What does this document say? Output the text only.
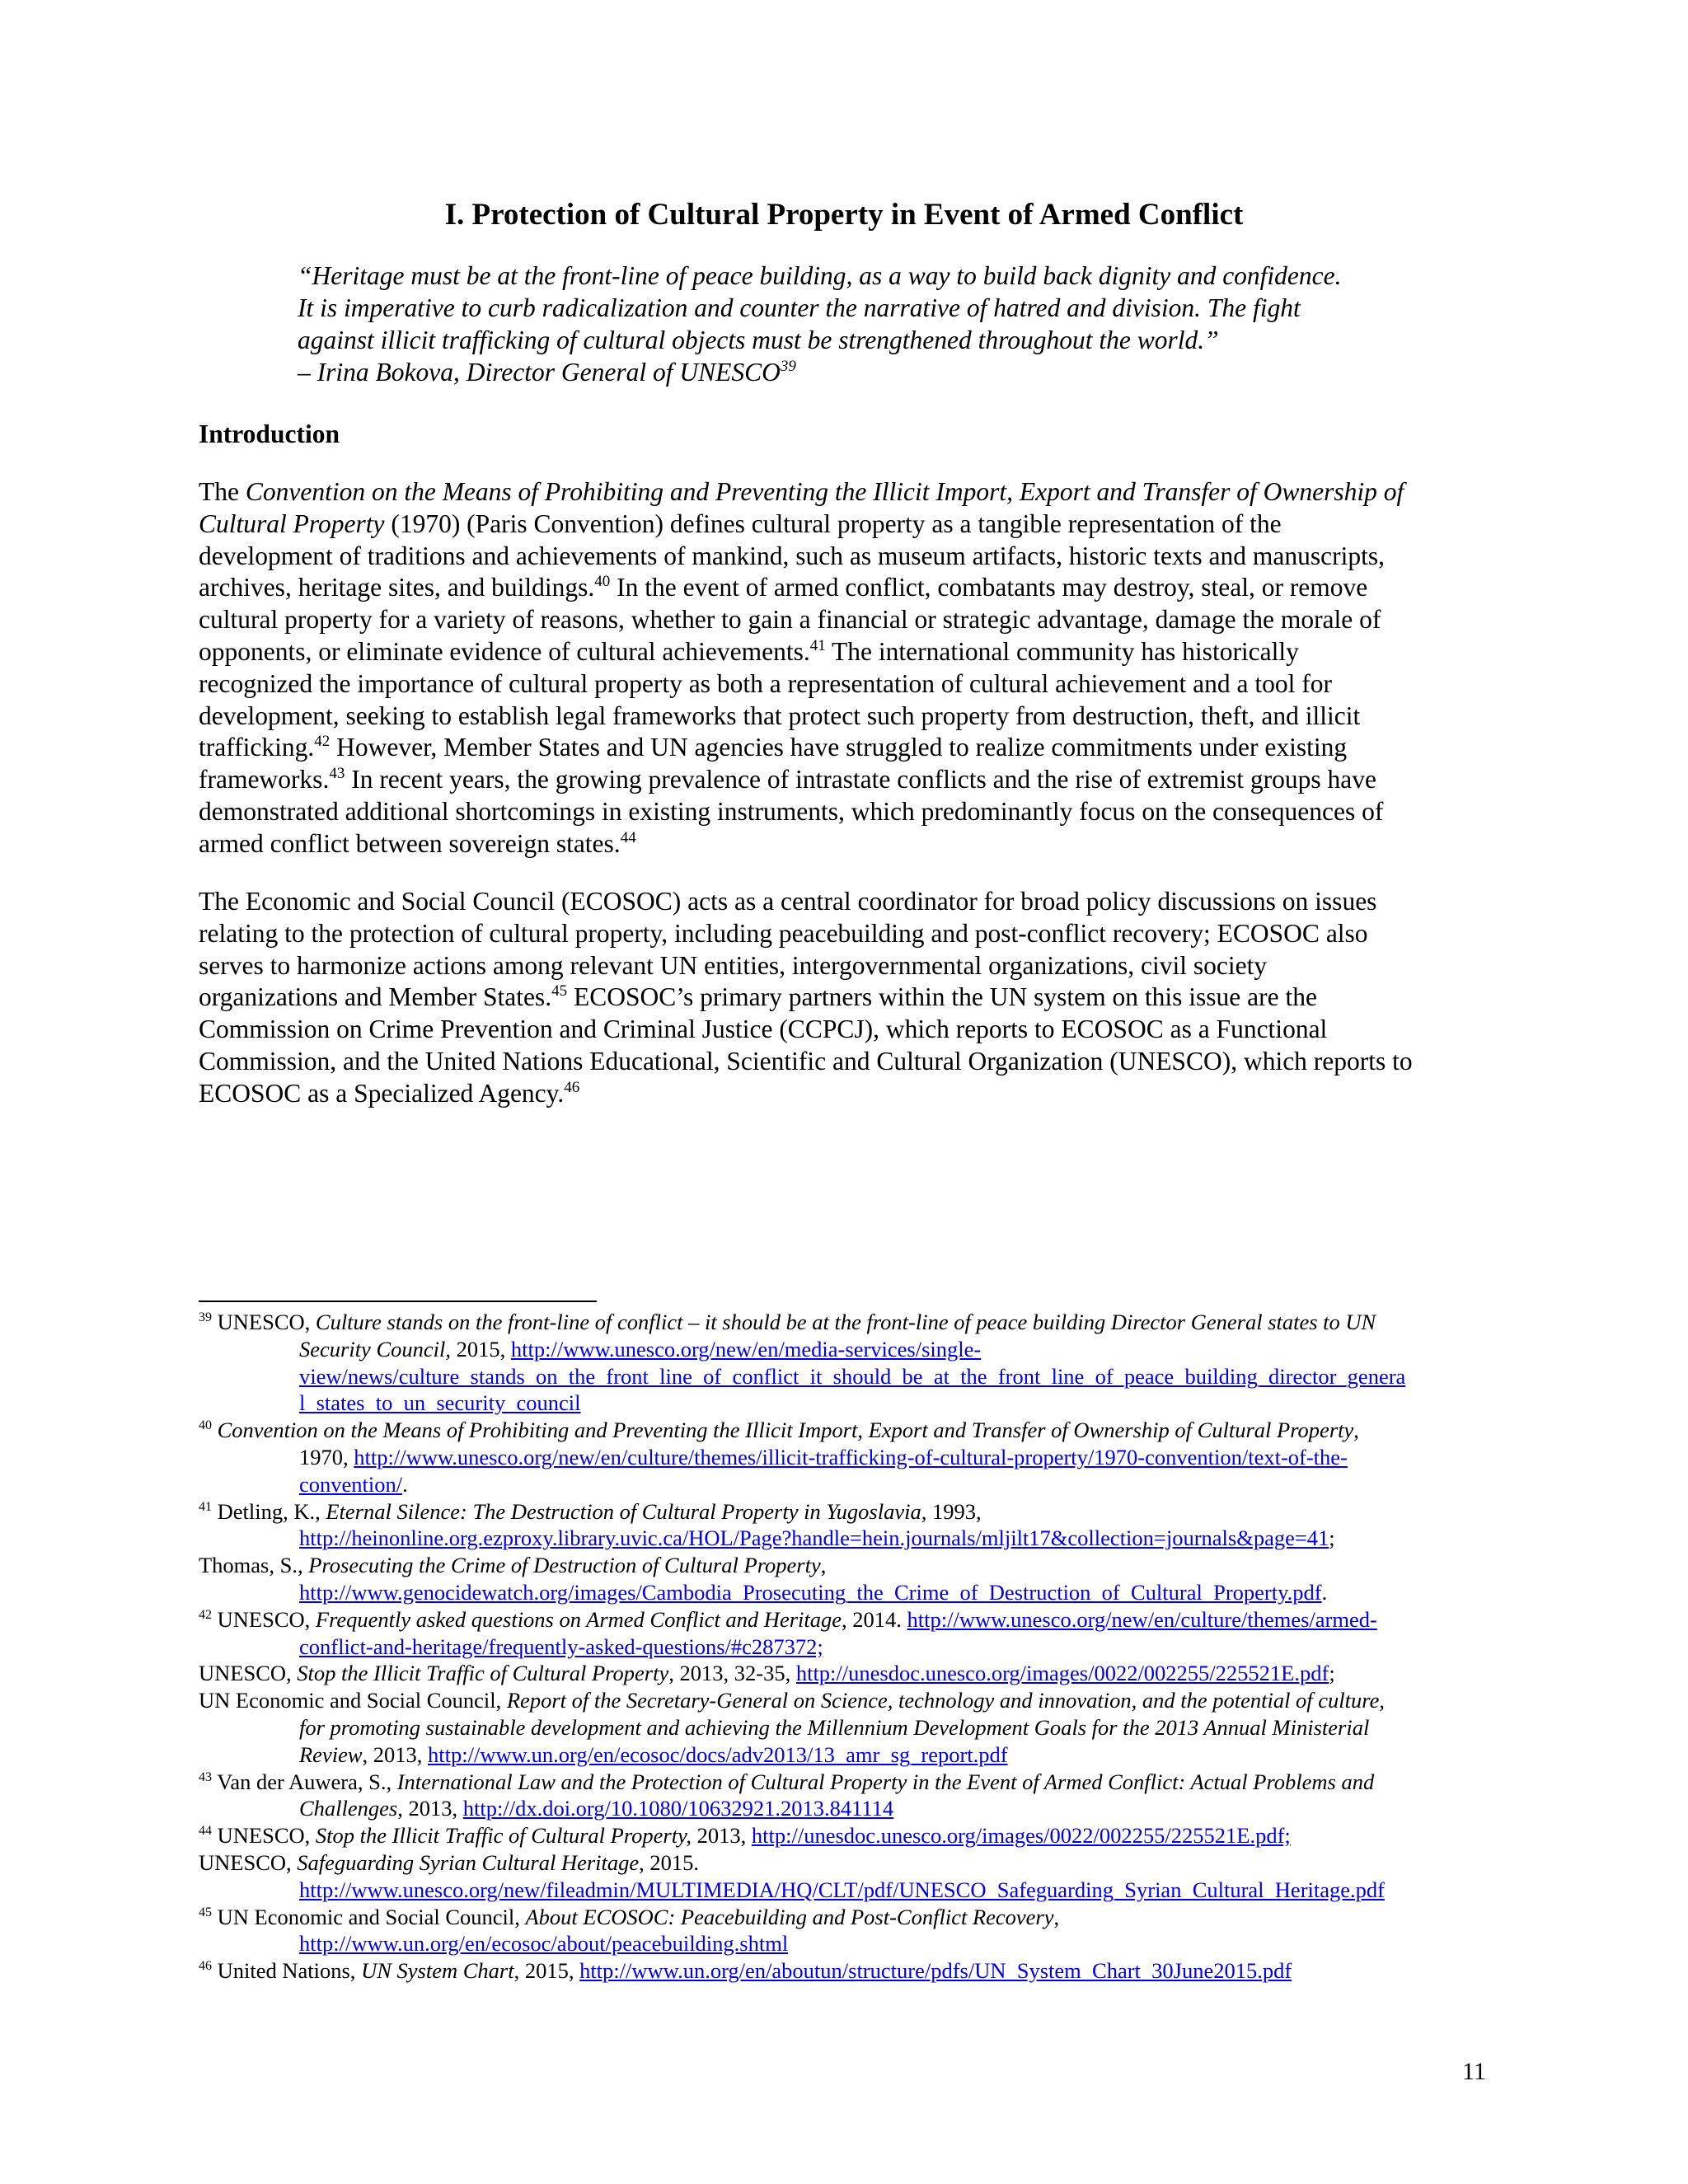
I. Protection of Cultural Property in Event of Armed Conflict
“Heritage must be at the front-line of peace building, as a way to build back dignity and confidence.
It is imperative to curb radicalization and counter the narrative of hatred and division. The fight
against illicit trafficking of cultural objects must be strengthened throughout the world.”
– Irina Bokova, Director General of UNESCO$^{39}$
Introduction
The Convention on the Means of Prohibiting and Preventing the Illicit Import, Export and Transfer of Ownership of
Cultural Property (1970) (Paris Convention) defines cultural property as a tangible representation of the
development of traditions and achievements of mankind, such as museum artifacts, historic texts and manuscripts,
archives, heritage sites, and buildings.$^{40}$ In the event of armed conflict, combatants may destroy, steal, or remove
cultural property for a variety of reasons, whether to gain a financial or strategic advantage, damage the morale of
opponents, or eliminate evidence of cultural achievements.$^{41}$ The international community has historically
recognized the importance of cultural property as both a representation of cultural achievement and a tool for
development, seeking to establish legal frameworks that protect such property from destruction, theft, and illicit
trafficking.$^{42}$ However, Member States and UN agencies have struggled to realize commitments under existing
frameworks.$^{43}$ In recent years, the growing prevalence of intrastate conflicts and the rise of extremist groups have
demonstrated additional shortcomings in existing instruments, which predominantly focus on the consequences of
armed conflict between sovereign states.$^{44}$
The Economic and Social Council (ECOSOC) acts as a central coordinator for broad policy discussions on issues
relating to the protection of cultural property, including peacebuilding and post-conflict recovery; ECOSOC also
serves to harmonize actions among relevant UN entities, intergovernmental organizations, civil society
organizations and Member States.$^{45}$ ECOSOC’s primary partners within the UN system on this issue are the
Commission on Crime Prevention and Criminal Justice (CCPCJ), which reports to ECOSOC as a Functional
Commission, and the United Nations Educational, Scientific and Cultural Organization (UNESCO), which reports to
ECOSOC as a Specialized Agency.$^{46}$
$^{39}$ UNESCO, Culture stands on the front-line of conflict – it should be at the front-line of peace building Director General states to UN
Security Council, 2015, http://www.unesco.org/new/en/media-services/single-
view/news/culture_stands_on_the_front_line_of_conflict_it_should_be_at_the_front_line_of_peace_building_director_genera
l_states_to_un_security_council
$^{40}$ Convention on the Means of Prohibiting and Preventing the Illicit Import, Export and Transfer of Ownership of Cultural Property,
1970, http://www.unesco.org/new/en/culture/themes/illicit-trafficking-of-cultural-property/1970-convention/text-of-the-
convention/.
$^{41}$ Detling, K., Eternal Silence: The Destruction of Cultural Property in Yugoslavia, 1993,
http://heinonline.org.ezproxy.library.uvic.ca/HOL/Page?handle=hein.journals/mljilt17&collection=journals&page=41;
Thomas, S., Prosecuting the Crime of Destruction of Cultural Property,
http://www.genocidewatch.org/images/Cambodia_Prosecuting_the_Crime_of_Destruction_of_Cultural_Property.pdf.
$^{42}$ UNESCO, Frequently asked questions on Armed Conflict and Heritage, 2014. http://www.unesco.org/new/en/culture/themes/armed-
conflict-and-heritage/frequently-asked-questions/#c287372;
UNESCO, Stop the Illicit Traffic of Cultural Property, 2013, 32-35, http://unesdoc.unesco.org/images/0022/002255/225521E.pdf;
UN Economic and Social Council, Report of the Secretary-General on Science, technology and innovation, and the potential of culture,
for promoting sustainable development and achieving the Millennium Development Goals for the 2013 Annual Ministerial
Review, 2013, http://www.un.org/en/ecosoc/docs/adv2013/13_amr_sg_report.pdf
$^{43}$ Van der Auwera, S., International Law and the Protection of Cultural Property in the Event of Armed Conflict: Actual Problems and
Challenges, 2013, http://dx.doi.org/10.1080/10632921.2013.841114
$^{44}$ UNESCO, Stop the Illicit Traffic of Cultural Property, 2013, http://unesdoc.unesco.org/images/0022/002255/225521E.pdf;
UNESCO, Safeguarding Syrian Cultural Heritage, 2015.
http://www.unesco.org/new/fileadmin/MULTIMEDIA/HQ/CLT/pdf/UNESCO_Safeguarding_Syrian_Cultural_Heritage.pdf
$^{45}$ UN Economic and Social Council, About ECOSOC: Peacebuilding and Post-Conflict Recovery,
http://www.un.org/en/ecosoc/about/peacebuilding.shtml
$^{46}$ United Nations, UN System Chart, 2015, http://www.un.org/en/aboutun/structure/pdfs/UN_System_Chart_30June2015.pdf
11
